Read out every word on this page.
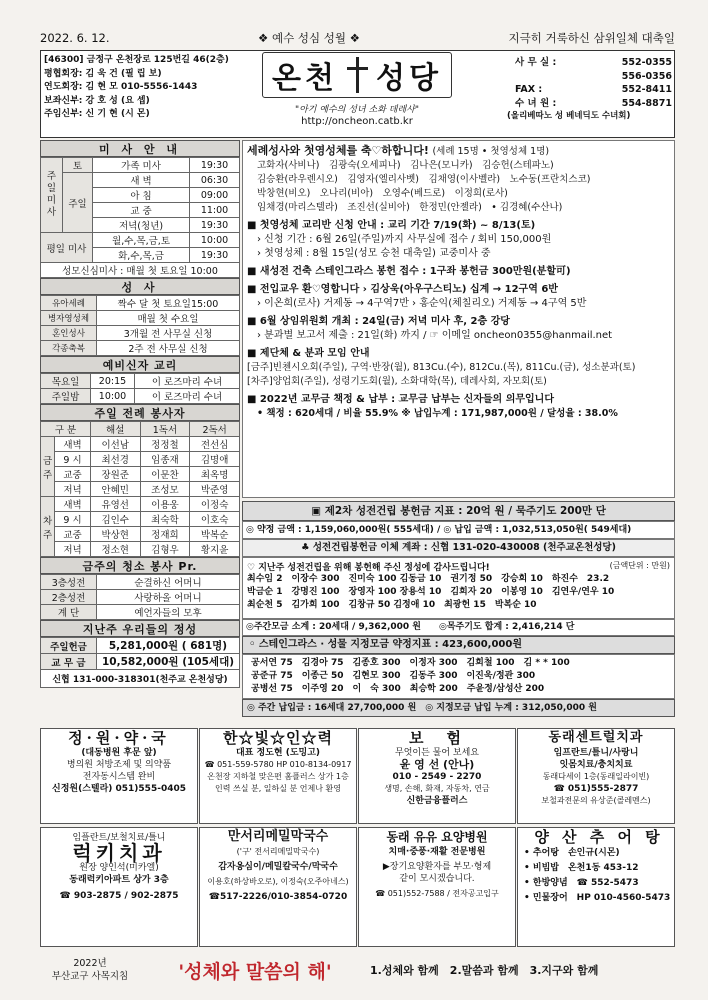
2022. 6. 12.	❖ 예수 성심 성월 ❖	지극히 거룩하신 삼위일체 대축일
[46300] 금정구 온천장로 125번길 46(2층)
평협회장: 김 욱 건 (필 립 보)
연도회장: 김 현 모 010-5556-1443
보좌신부: 강 호 성 (요 셉)
주임신부: 신 기 현 (시 몬)
온천 성당
"아기 예수의 성녀 소화 데레사"
http://oncheon.catb.kr
사 무 실 :	552-0355
556-0356
FAX :	552-8411
수 녀 원 :	554-8871
(올리베따노 성 베네딕도 수녀회)
미 사 안 내
주
일
미
사	토	가족 미사	19:30
	주일	새 벽	06:30
		아 침	09:00
		교 중	11:00
		저녁(청년)	19:30
평일 미사		월,수,목,금,토	10:00
		화,수,목,금	19:30
성모신심미사 : 매월 첫 토요일 10:00			
성 사
유아세례	짝수 달 첫 토요일15:00
병자영성체	매월 첫 수요일
혼인성사	3개월 전 사무실 신청
각종축복	2주 전 사무실 신청
예비신자 교리
목요일	20:15	이 로즈마리 수녀
주일밤	10:00	이 로즈마리 수녀
주일 전례 봉사자
구 분		해설	1독서	2독서
금주	새벽	이선남	정정철	전선심
	9 시	최선경	임종재	김명애
	교중	장원준	이문찬	최옥명
	저녁	안혜민	조성모	박준영
차주	새벽	유영선	이용웅	이정숙
	9 시	김인수	최숙학	이호숙
	교중	박상현	정재희	박복순
	저녁	정소현	김형우	황지윤
금주의 청소 봉사 Pr.
3층성전	순결하신 어머니
2층성전	사랑하올 어머니
계 단	예언자들의 모후
지난주 우리들의 정성
주일헌금	5,281,000원 ( 681명)
교 무 금	10,582,000원 (105세대)
신협 131-000-318301(천주교 온천성당)	
세례성사와 첫영성체를 축♡하합니다! (세례 15명 • 첫영성체 1명)
고화자(사비나)　김광숙(오세피나)　김나은(모니카)　김승헌(스테파노)
김승환(라우렌시오)　김영자(엘리사벳)　김채영(이사벨라)　노수동(프란치스코)
박창현(비오)　오나리(비아)　오영수(베드로)　이정희(로사)
임채경(마리스텔라)　조진선(실비아)　한정민(안젤라)　• 김경혜(수산나)
■ 첫영성체 교리반 신청 안내 : 교리 기간 7/19(화) ~ 8/13(토)
› 신청 기간 : 6월 26일(주일)까지 사무실에 접수 / 회비 150,000원
› 첫영성체 : 8월 15일(성모 승천 대축일) 교중미사 중
■ 새성전 건축 스테인그라스 봉헌 접수 : 1구좌 봉헌금 300만원(분할可)
■ 전입교우 환♡영합니다 › 김상욱(아우구스티노) 십계 → 12구역 6반
› 이온희(로사) 거제동 → 4구역7반 › 홍순익(체칠리오) 거제동 → 4구역 5반
■ 6월 상임위원회 개최 : 24일(금) 저녁 미사 후, 2층 강당
› 분과별 보고서 제출 : 21일(화) 까지 / ☞ 이메일 oncheon0355@hanmail.net
■ 제단체 & 분과 모임 안내
[금주]빈첸시오회(주일), 구역·반장(월), 813Cu.(수), 812Cu.(목), 811Cu.(금), 성소분과(토)
[차주]양업회(주일), 성령기도회(월), 소화대학(목), 데레사회, 자모회(토)
■ 2022년 교무금 책정 & 납부 : 교무금 납부는 신자들의 의무입니다
• 책정 : 620세대 / 비율 55.9% ※ 납입누계 : 171,987,000원 / 달성율 : 38.0%
▣ 제2차 성전건립 봉헌금 지표 : 20억 원 / 묵주기도 200만 단
◎ 약정 금액 : 1,159,060,000원( 555세대) / ◎ 납입 금액 : 1,032,513,050원( 549세대)
♣ 성전건립봉헌금 이체 계좌 : 신협 131-020-430008 (천주교온천성당)
♡ 지난주 성전건립을 위해 봉헌해 주신 정성에 감사드립니다!	(금액단위 : 만원)
최수임 2　이장수 300　진미숙 100 김동금 10　권기정 50　강승희 10　하진수　23.2
박금순 1　강명진 100　장영자 100 장용석 10　김희자 20　이봉영 10　김연우/연우 10
최순천 5　김가희 100　김창규 50 김정애 10　최광헌 15　박복순 10
◎주간모금 소계 : 20세대 / 9,362,000 원　　◎목주기도 합계 : 2,416,214 단
◦ 스테인그라스 · 성물 지정모금 약정지표 : 423,600,000원
공서연 75　김경아 75　김종호 300　이정자 300　김희철 100　김 * * 100
공준규 75　이종근 50　김현모 300　김동주 300　이진욱/정관 300
공병선 75　이주영 20　이　숙 300　최승학 200　주윤정/삼성산 200
◎ 주간 납입금 : 16세대 27,700,000 원　◎ 지정모금 납입 누계 : 312,050,000 원
정·원·약·국
(대동병원 후문 앞)
병의원 처방조제 및 의약품
전자동시스템 완비
신정원(스텔라) 051)555-0405
한☆빛☆인☆력
대표 정도현 (도밍고)
☎ 051-559-5780 HP 010-8134-0917
온천장 지하철 맞은편 홈플러스 상가 1층
인력 쓰실 분, 일하실 분 언제나 환영
보　험
무엇이든 물어 보세요
윤 영 선 (안나)
010 - 2549 - 2270
생명, 손해, 화재, 자동차, 연금
신한금융플러스
동래센트럴치과
임프란트/틀니/사랑니
잇몸치료/충치치료
동래다세이 1층(동래일라이빈)
☎ 051)555-2877
보철과전문의 유상준(콜레멘스)
임플란트/보철치료/틀니
럭키치과
원장 양인석(미카엘)
동래럭키아파트 상가 3층
☎ 903-2875 / 902-2875
만서리메밀막국수
('구' 전서리메밀막국수)
감자옹심이/메밀칼국수/막국수
이용호(하상바오로), 이정숙(오주아네스)
☎517-2226/010-3854-0720
동래 유유 요양병원
치매·중풍·재활 전문병원
▶장기요양환자를 부모·형제
같이 모시겠습니다.
☎ 051)552-7588 / 전자공고입구
양 산 추 어 탕
• 추어탕　손인규(시몬)
• 비빔밥　온천1동 453-12
• 한방양념　☎ 552-5473
• 민물장어　HP 010-4560-5473
2022년
부산교구 사목지침	'성체와 말씀의 해'	1.성체와 함께　2.말씀과 함께　3.지구와 함께
